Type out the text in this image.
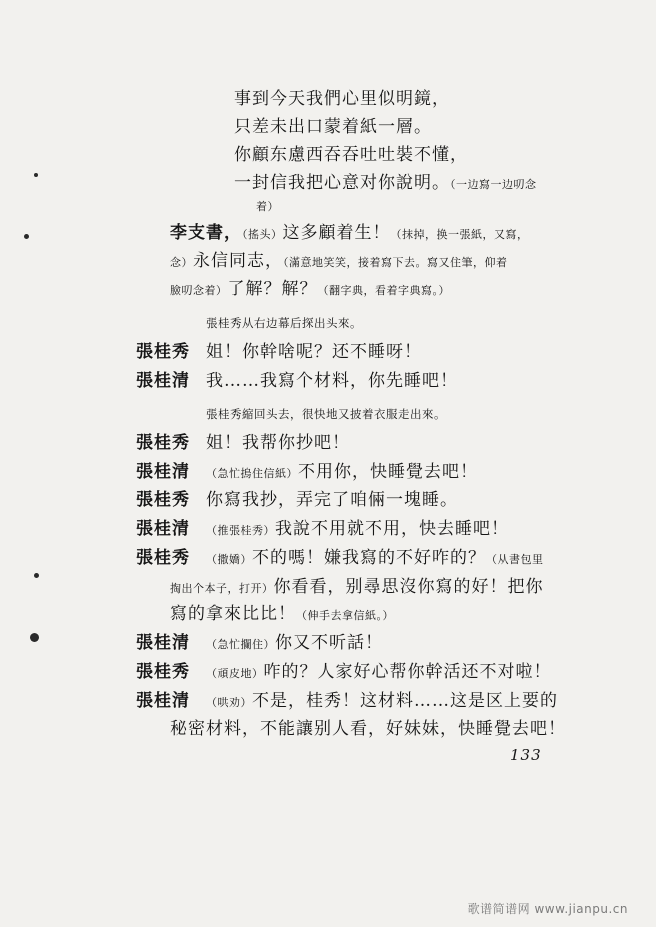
事到今天我們心里似明鏡，
只差未出口蒙着紙一層。
你顧东慮西吞吞吐吐裝不懂，
一封信我把心意对你說明。（一边寫一边叨念
着）
李支書，（搖头）这多顧着生！（抹掉，换一張紙，又寫，
念）永信同志，（滿意地笑笑，接着寫下去。寫又住筆，仰着
臉叨念着）了解？解？（翻字典，看着字典寫。）
張桂秀从右边幕后探出头來。
張桂秀 姐！你幹啥呢？还不睡呀！
張桂清 我……我寫个材料，你先睡吧！
張桂秀縮回头去，很快地又披着衣服走出來。
張桂秀 姐！我帮你抄吧！
張桂清 （急忙摀住信紙）不用你，快睡覺去吧！
張桂秀 你寫我抄，弄完了咱倆一塊睡。
張桂清 （推張桂秀）我說不用就不用，快去睡吧！
張桂秀 （撒嬌）不的嗎！嫌我寫的不好咋的？（从書包里
掏出个本子，打开）你看看，别尋思沒你寫的好！把你
寫的拿來比比！（伸手去拿信紙。）
張桂清 （急忙攔住）你又不听話！
張桂秀 （頑皮地）咋的？人家好心帮你幹活还不对啦！
張桂清 （哄劝）不是，桂秀！这材料……这是区上要的
秘密材料，不能讓别人看，好妹妹，快睡覺去吧！
133
歌谱简谱网 www.jianpu.cn
